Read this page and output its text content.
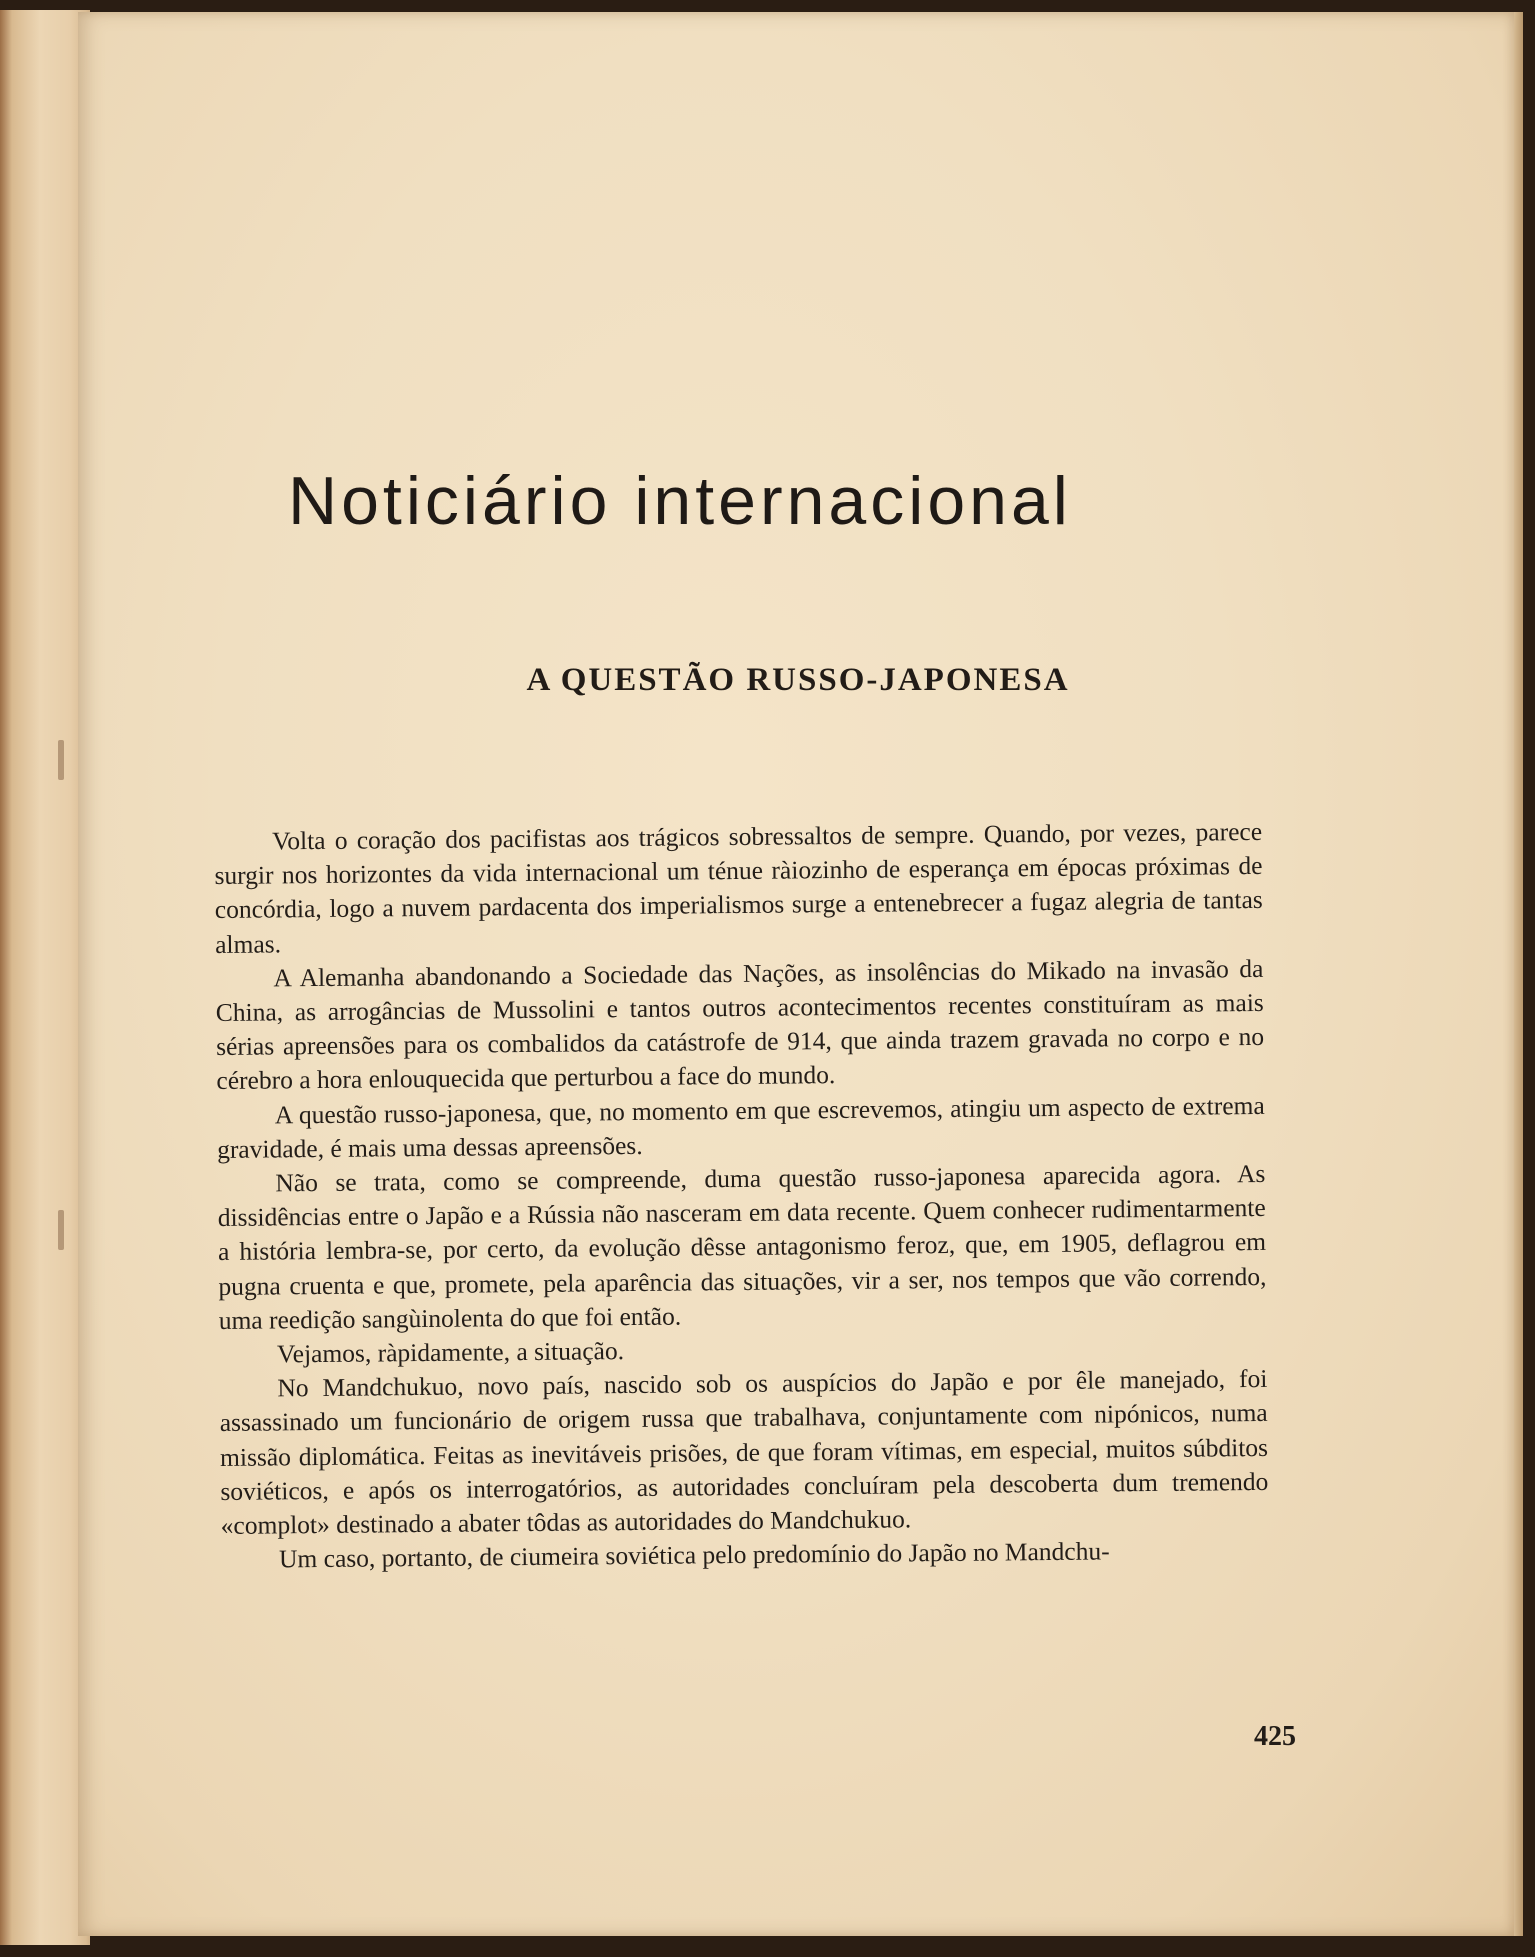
Noticiário internacional
A QUESTÃO RUSSO-JAPONESA

Volta o coração dos pacifistas aos trágicos sobressaltos de sempre. Quando, por vezes, parece surgir nos horizontes da vida internacional um ténue ràiozinho de esperança em épocas próximas de concórdia, logo a nuvem pardacenta dos imperialismos surge a entenebrecer a fugaz alegria de tantas almas.

A Alemanha abandonando a Sociedade das Nações, as insolências do Mikado na invasão da China, as arrogâncias de Mussolini e tantos outros acontecimentos recentes constituíram as mais sérias apreensões para os combalidos da catástrofe de 914, que ainda trazem gravada no corpo e no cérebro a hora enlouquecida que perturbou a face do mundo.

A questão russo-japonesa, que, no momento em que escrevemos, atingiu um aspecto de extrema gravidade, é mais uma dessas apreensões.

Não se trata, como se compreende, duma questão russo-japonesa aparecida agora. As dissidências entre o Japão e a Rússia não nasceram em data recente. Quem conhecer rudimentarmente a história lembra-se, por certo, da evolução dêsse antagonismo feroz, que, em 1905, deflagrou em pugna cruenta e que, promete, pela aparência das situações, vir a ser, nos tempos que vão correndo, uma reedição sangùinolenta do que foi então.

Vejamos, ràpidamente, a situação.

No Mandchukuo, novo país, nascido sob os auspícios do Japão e por êle manejado, foi assassinado um funcionário de origem russa que trabalhava, conjuntamente com nipónicos, numa missão diplomática. Feitas as inevitáveis prisões, de que foram vítimas, em especial, muitos súbditos soviéticos, e após os interrogatórios, as autoridades concluíram pela descoberta dum tremendo «complot» destinado a abater tôdas as autoridades do Mandchukuo.

Um caso, portanto, de ciumeira soviética pelo predomínio do Japão no Mandchu-

425
